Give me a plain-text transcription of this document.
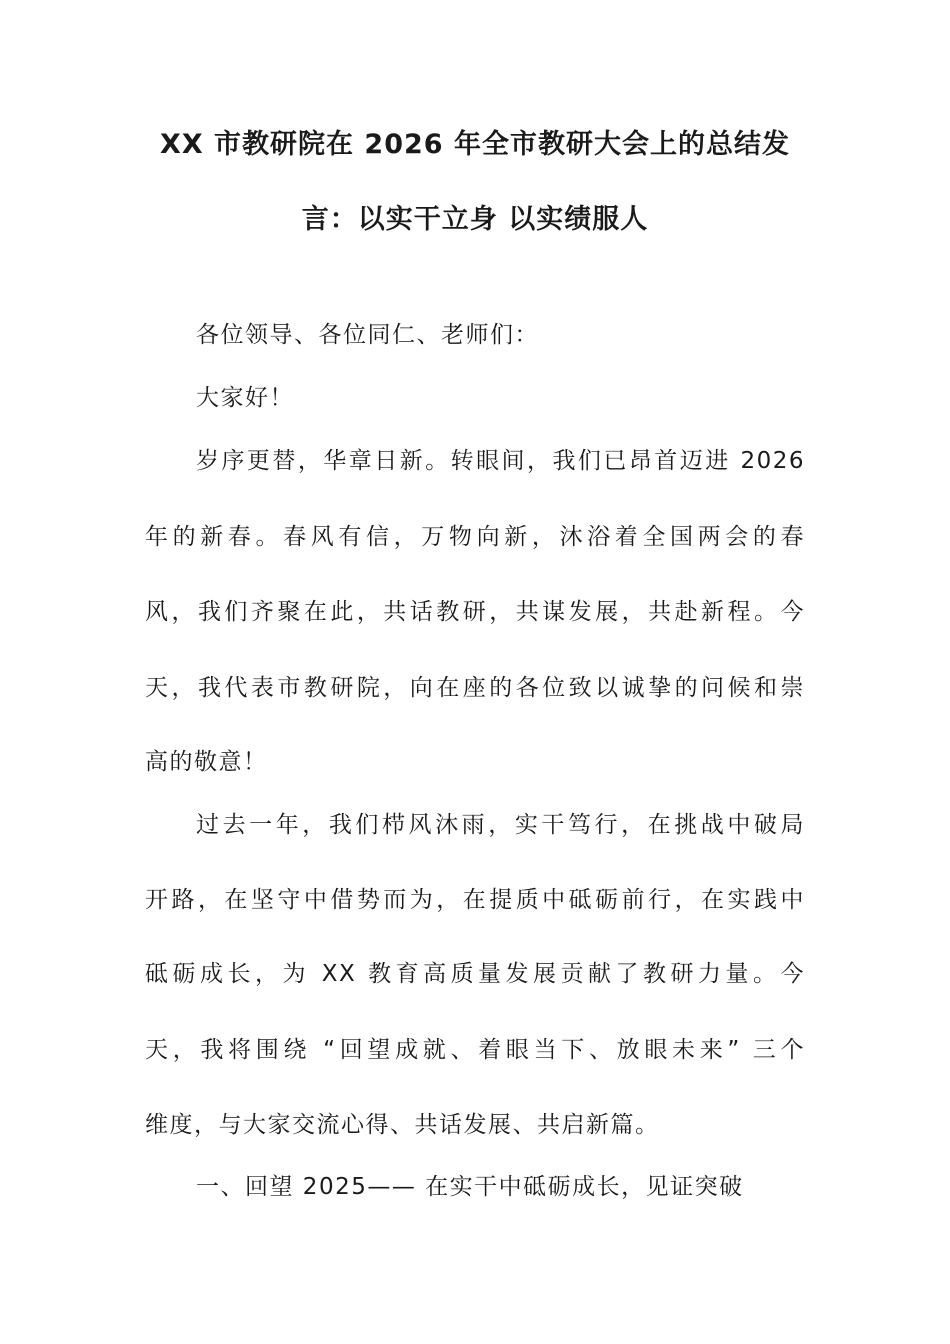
XX 市教研院在 2026 年全市教研大会上的总结发
言：以实干立身 以实绩服人
各位领导、各位同仁、老师们：
大家好！
岁序更替，华章日新。转眼间，我们已昂首迈进 2026
年的新春。春风有信，万物向新，沐浴着全国两会的春
风，我们齐聚在此，共话教研，共谋发展，共赴新程。今
天，我代表市教研院，向在座的各位致以诚挚的问候和崇
高的敬意！
过去一年，我们栉风沐雨，实干笃行，在挑战中破局
开路，在坚守中借势而为，在提质中砥砺前行，在实践中
砥砺成长，为 XX 教育高质量发展贡献了教研力量。今
天，我将围绕 “回望成就、着眼当下、放眼未来” 三个
维度，与大家交流心得、共话发展、共启新篇。
一、回望 2025—— 在实干中砥砺成长，见证突破
